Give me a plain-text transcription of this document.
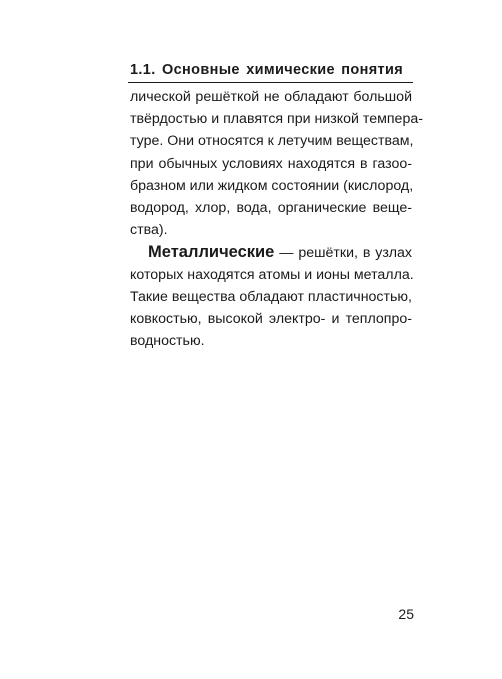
1.1. Основные химические понятия
лической решёткой не обладают большой
твёрдостью и плавятся при низкой темпера-
туре. Они относятся к летучим веществам,
при обычных условиях находятся в газоо-
бразном или жидком состоянии (кислород,
водород, хлор, вода, органические веще-
ства).
Металлические — решётки, в узлах
которых находятся атомы и ионы металла.
Такие вещества обладают пластичностью,
ковкостью, высокой электро- и теплопро-
водностью.
25
